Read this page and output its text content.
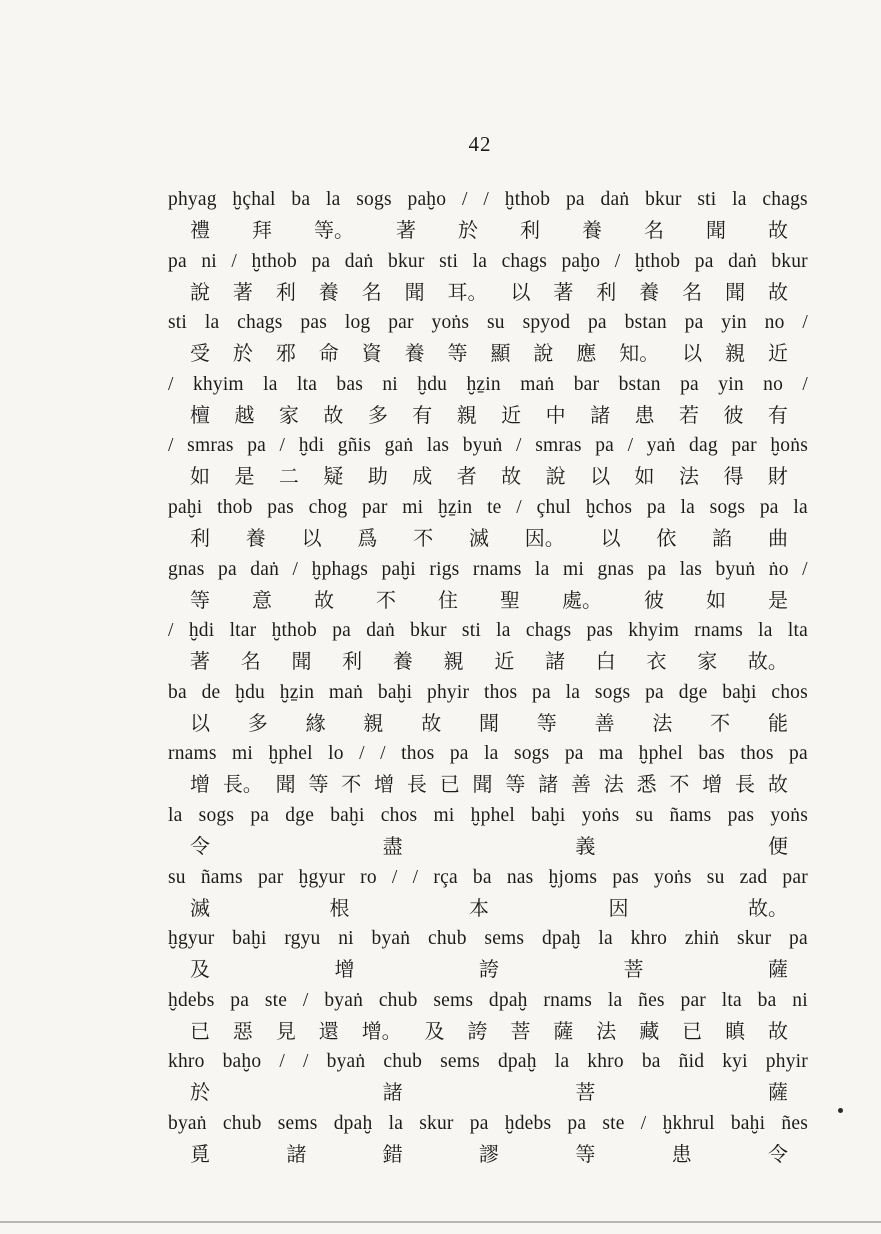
42
phyag ḫçhal ba la sogs paḫo / / ḫthob pa daṅ bkur sti la chags
禮 拜 等。 著 於 利 養 名 聞 故
pa ni / ḫthob pa daṅ bkur sti la chags paḫo / ḫthob pa daṅ bkur
說 著 利 養 名 聞 耳。 以 著 利 養 名 聞 故
sti la chags pas log par yoṅs su spyod pa bstan pa yin no /
受 於 邪 命 資 養 等 顯 說 應 知。 以 親 近
/ khyim la lta bas ni ḫdu ḫẕin maṅ bar bstan pa yin no /
檀 越 家 故 多 有 親 近 中 諸 患 若 彼 有
/ smras pa / ḫdi gñis gaṅ las byuṅ / smras pa / yaṅ dag par ḫoṅs
如 是 二 疑 助 成 者 故 說 以 如 法 得 財
paḫi thob pas chog par mi ḫẕin te / çhul ḫchos pa la sogs pa la
利 養 以 爲 不 滅 因。 以 依 諂 曲
gnas pa daṅ / ḫphags paḫi rigs rnams la mi gnas pa las byuṅ ṅo /
等 意 故 不 住 聖 處。 彼 如 是
/ ḫdi ltar ḫthob pa daṅ bkur sti la chags pas khyim rnams la lta
著 名 聞 利 養 親 近 諸 白 衣 家 故。
ba de ḫdu ḫẕin maṅ baḫi phyir thos pa la sogs pa dge baḫi chos
以 多 緣 親 故 聞 等 善 法 不 能
rnams mi ḫphel lo / / thos pa la sogs pa ma ḫphel bas thos pa
增 長。 聞 等 不 增 長 已 聞 等 諸 善 法 悉 不 增 長 故
la sogs pa dge baḫi chos mi ḫphel baḫi yoṅs su ñams pas yoṅs
令	盡	義	便
su ñams par ḫgyur ro / / rça ba nas ḫjoms pas yoṅs su zad par
滅	根	本	因	故。
ḫgyur baḫi rgyu ni byaṅ chub sems dpaḫ la khro zhiṅ skur pa
及	增	誇	菩	薩
ḫdebs pa ste / byaṅ chub sems dpaḫ rnams la ñes par lta ba ni
已 惡 見 還 增。 及 誇 菩 薩 法 藏 已 瞋 故
khro baḫo / / byaṅ chub sems dpaḫ la khro ba ñid kyi phyir
於	諸	菩	薩
byaṅ chub sems dpaḫ la skur pa ḫdebs pa ste / ḫkhrul baḫi ñes
覓	諸	錯	謬	等	患	令
